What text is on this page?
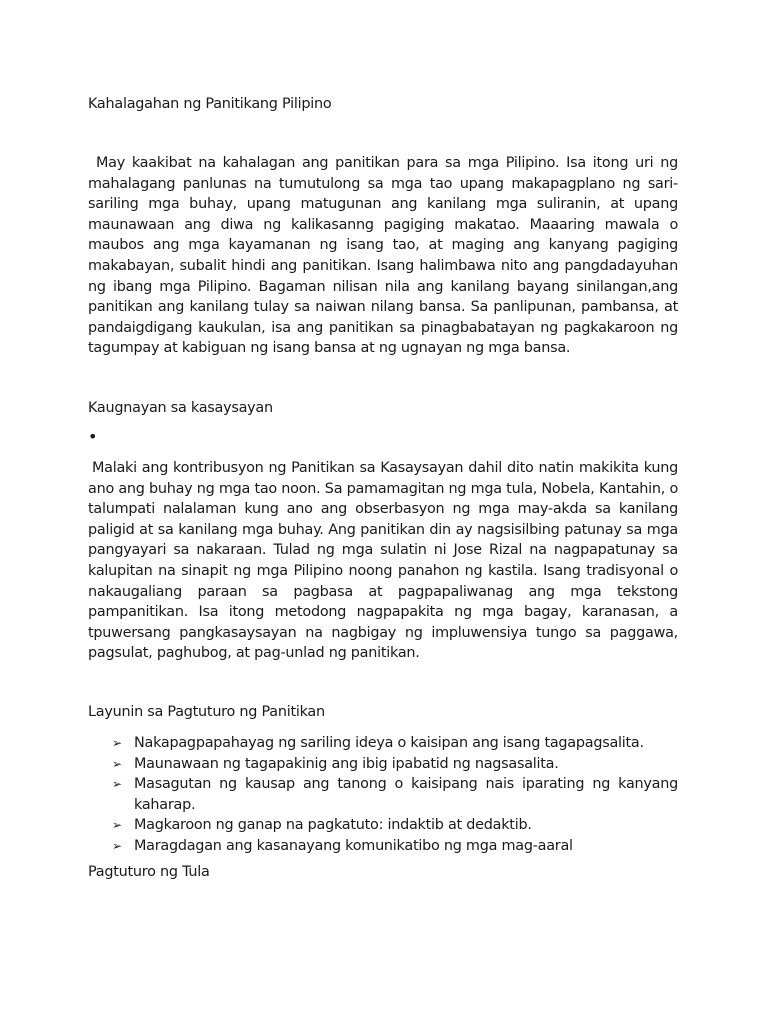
Kahalagahan ng Panitikang Pilipino

May kaakibat na kahalagan ang panitikan para sa mga Pilipino. Isa itong uri ng mahalagang panlunas na tumutulong sa mga tao upang makapagplano ng sari-sariling mga buhay, upang matugunan ang kanilang mga suliranin, at upang maunawaan ang diwa ng kalikasanng pagiging makatao. Maaaring mawala o maubos ang mga kayamanan ng isang tao, at maging ang kanyang pagiging makabayan, subalit hindi ang panitikan. Isang halimbawa nito ang pangdadayuhan ng ibang mga Pilipino. Bagaman nilisan nila ang kanilang bayang sinilangan,ang panitikan ang kanilang tulay sa naiwan nilang bansa. Sa panlipunan, pambansa, at pandaigdigang kaukulan, isa ang panitikan sa pinagbabatayan ng pagkakaroon ng tagumpay at kabiguan ng isang bansa at ng ugnayan ng mga bansa.

Kaugnayan sa kasaysayan
•

Malaki ang kontribusyon ng Panitikan sa Kasaysayan dahil dito natin makikita kung ano ang buhay ng mga tao noon. Sa pamamagitan ng mga tula, Nobela, Kantahin, o talumpati nalalaman kung ano ang obserbasyon ng mga may-akda sa kanilang paligid at sa kanilang mga buhay. Ang panitikan din ay nagsisilbing patunay sa mga pangyayari sa nakaraan. Tulad ng mga sulatin ni Jose Rizal na nagpapatunay sa kalupitan na sinapit ng mga Pilipino noong panahon ng kastila. Isang tradisyonal o nakaugaliang paraan sa pagbasa at pagpapaliwanag ang mga tekstong pampanitikan. Isa itong metodong nagpapakita ng mga bagay, karanasan, a tpuwersang pangkasaysayan na nagbigay ng impluwensiya tungo sa paggawa, pagsulat, paghubog, at pag-unlad ng panitikan.

Layunin sa Pagtuturo ng Panitikan
➢ Nakapagpapahayag ng sariling ideya o kaisipan ang isang tagapagsalita.
➢ Maunawaan ng tagapakinig ang ibig ipabatid ng nagsasalita.
➢ Masagutan ng kausap ang tanong o kaisipang nais iparating ng kanyang kaharap.
➢ Magkaroon ng ganap na pagkatuto: indaktib at dedaktib.
➢ Maragdagan ang kasanayang komunikatibo ng mga mag-aaral
Pagtuturo ng Tula
